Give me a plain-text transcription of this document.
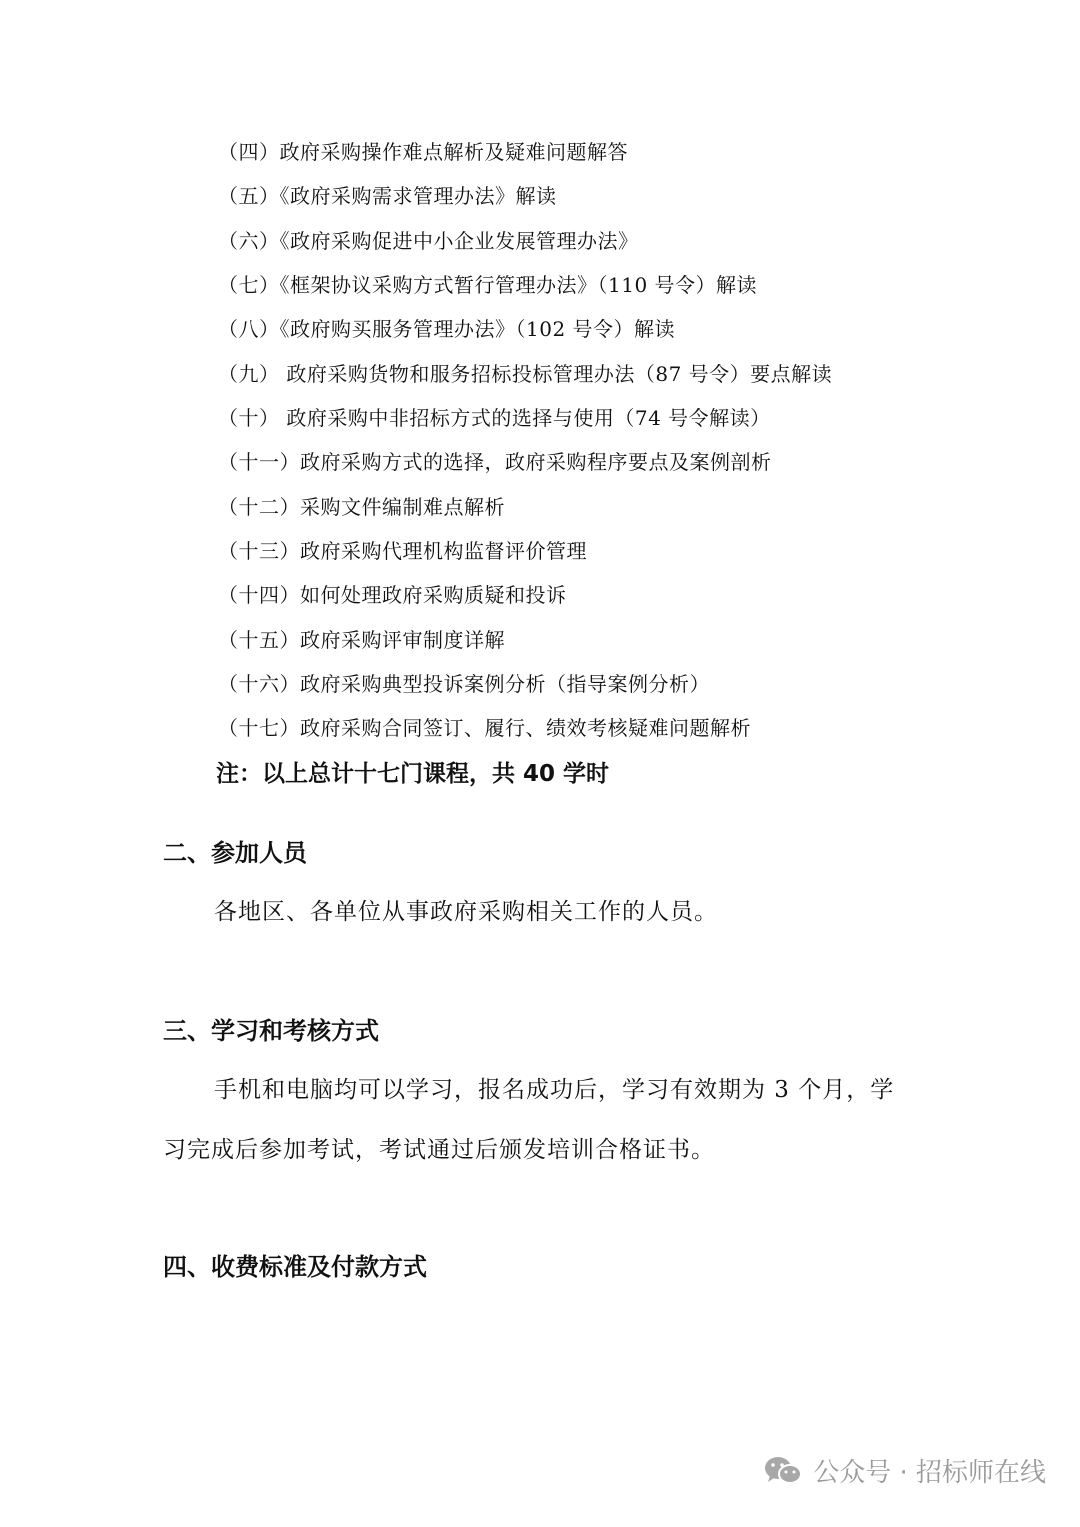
（四）政府采购操作难点解析及疑难问题解答
（五）《政府采购需求管理办法》解读
（六）《政府采购促进中小企业发展管理办法》
（七）《框架协议采购方式暂行管理办法》（110 号令）解读
（八）《政府购买服务管理办法》（102 号令）解读
（九） 政府采购货物和服务招标投标管理办法（87 号令）要点解读
（十） 政府采购中非招标方式的选择与使用（74 号令解读）
（十一）政府采购方式的选择，政府采购程序要点及案例剖析
（十二）采购文件编制难点解析
（十三）政府采购代理机构监督评价管理
（十四）如何处理政府采购质疑和投诉
（十五）政府采购评审制度详解
（十六）政府采购典型投诉案例分析（指导案例分析）
（十七）政府采购合同签订、履行、绩效考核疑难问题解析
注：以上总计十七门课程，共 40 学时
二、参加人员
各地区、各单位从事政府采购相关工作的人员。
三、学习和考核方式
手机和电脑均可以学习，报名成功后，学习有效期为 3 个月，学
习完成后参加考试，考试通过后颁发培训合格证书。
四、收费标准及付款方式
公众号 · 招标师在线
